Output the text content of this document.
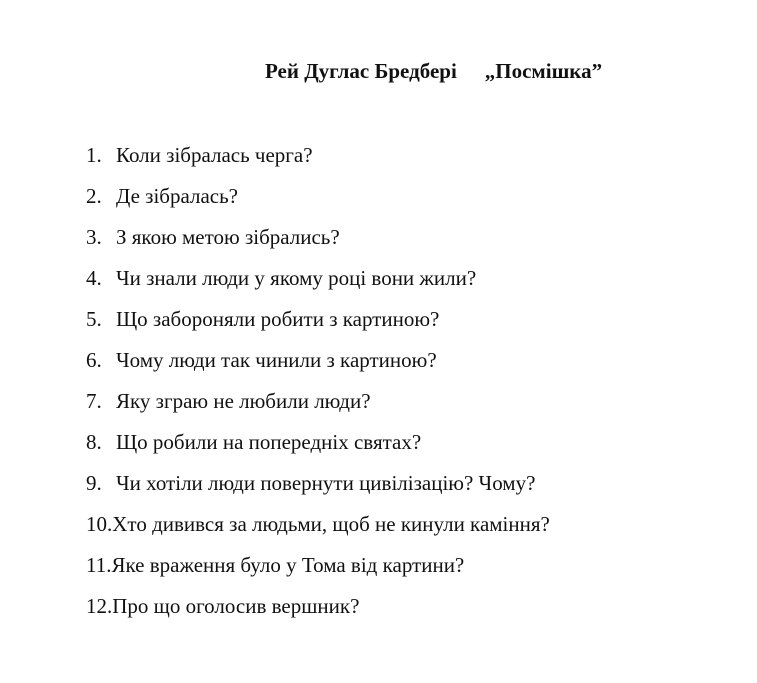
Рей Дуглас Бредбері „Посмішка”
1. Коли зібралась черга?
2. Де зібралась?
3. З якою метою зібрались?
4. Чи знали люди у якому році вони жили?
5. Що забороняли робити з картиною?
6. Чому люди так чинили з картиною?
7. Яку зграю не любили люди?
8. Що робили на попередніх святах?
9. Чи хотіли люди повернути цивілізацію? Чому?
10. Хто дивився за людьми, щоб не кинули каміння?
11. Яке враження було у Тома від картини?
12. Про що оголосив вершник?
